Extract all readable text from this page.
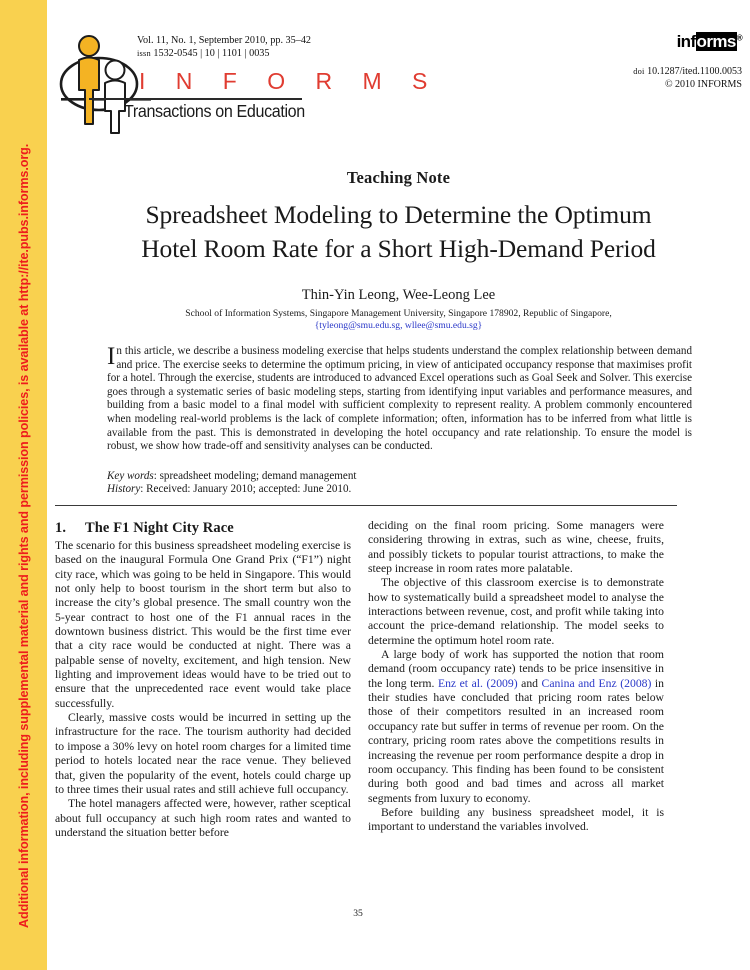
Additional information, including supplemental material and rights and permission policies, is available at http://ite.pubs.informs.org.
Vol. 11, No. 1, September 2010, pp. 35–42
issn 1532-0545 | 10 | 1101 | 0035
I N F O R M S
Transactions on Education
informs®
doi 10.1287/ited.1100.0053
© 2010 INFORMS
Teaching Note
Spreadsheet Modeling to Determine the Optimum
Hotel Room Rate for a Short High-Demand Period
Thin-Yin Leong, Wee-Leong Lee
School of Information Systems, Singapore Management University, Singapore 178902, Republic of Singapore,
{tyleong@smu.edu.sg, wllee@smu.edu.sg}
In this article, we describe a business modeling exercise that helps students understand the complex relationship between demand and price. The exercise seeks to determine the optimum pricing, in view of anticipated occupancy response that maximises profit for a hotel. Through the exercise, students are introduced to advanced Excel operations such as Goal Seek and Solver. This exercise goes through a systematic series of basic modeling steps, starting from identifying input variables and performance measures, and building from a basic model to a final model with sufficient complexity to represent reality. A problem commonly encountered when modeling real-world problems is the lack of complete information; often, information has to be inferred from what little is available from the past. This is demonstrated in developing the hotel occupancy and rate relationship. To ensure the model is robust, we show how trade-off and sensitivity analyses can be conducted.
Key words: spreadsheet modeling; demand management
History: Received: January 2010; accepted: June 2010.
1. The F1 Night City Race

The scenario for this business spreadsheet modeling exercise is based on the inaugural Formula One Grand Prix (“F1”) night city race, which was going to be held in Singapore. This would not only help to boost tourism in the short term but also to increase the city’s global presence. The small country won the 5-year contract to host one of the F1 annual races in the downtown business district. This would be the first time ever that a city race would be conducted at night. There was a palpable sense of novelty, excitement, and high tension. New lighting and improvement ideas would have to be tried out to ensure that the unprecedented race event would take place successfully.

Clearly, massive costs would be incurred in setting up the infrastructure for the race. The tourism authority had decided to impose a 30% levy on hotel room charges for a limited time period to hotels located near the race venue. They believed that, given the popularity of the event, hotels could charge up to three times their usual rates and still achieve full occupancy.

The hotel managers affected were, however, rather sceptical about full occupancy at such high room rates and wanted to understand the situation better before

deciding on the final room pricing. Some managers were considering throwing in extras, such as wine, cheese, fruits, and possibly tickets to popular tourist attractions, to make the steep increase in room rates more palatable.

The objective of this classroom exercise is to demonstrate how to systematically build a spreadsheet model to analyse the interactions between revenue, cost, and profit while taking into account the price-demand relationship. The model seeks to determine the optimum hotel room rate.

A large body of work has supported the notion that room demand (room occupancy rate) tends to be price insensitive in the long term. Enz et al. (2009) and Canina and Enz (2008) in their studies have concluded that pricing room rates below those of their competitors resulted in an increased room occupancy rate but suffer in terms of revenue per room. On the contrary, pricing room rates above the competitions results in increasing the revenue per room performance despite a drop in room occupancy. This finding has been found to be consistent during both good and bad times and across all market segments from luxury to economy.

Before building any business spreadsheet model, it is important to understand the variables involved.

35
